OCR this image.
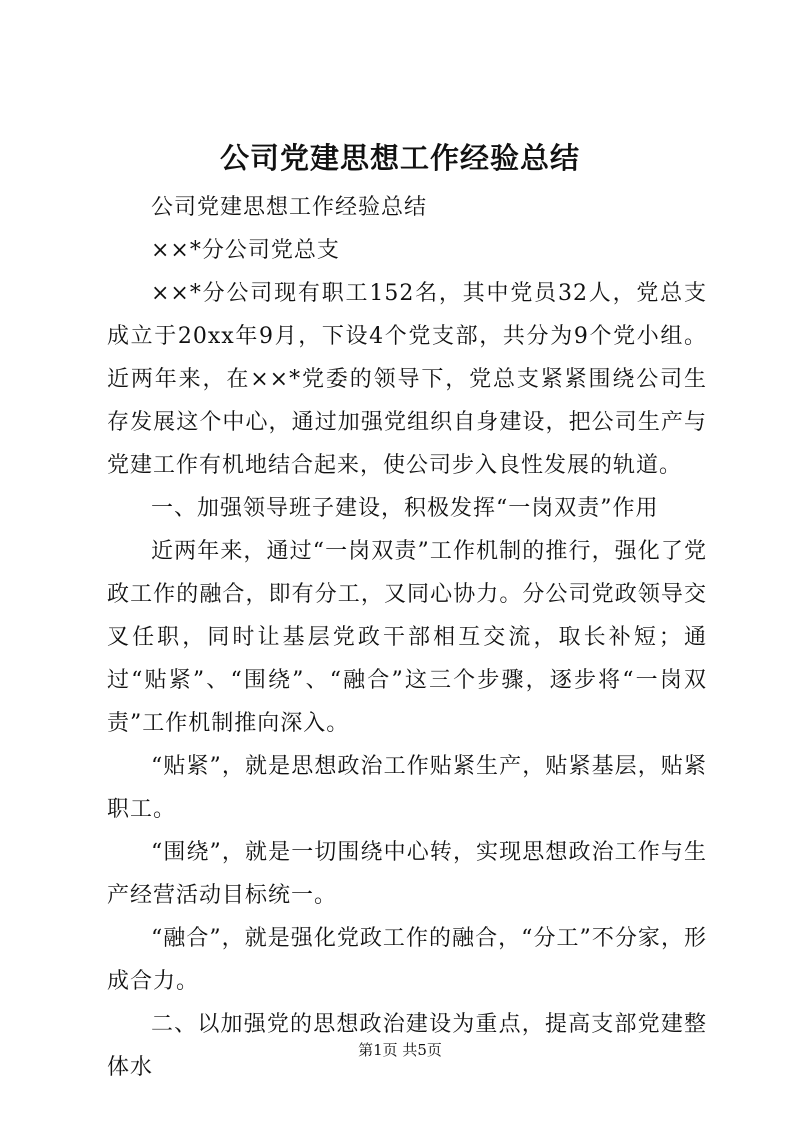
公司党建思想工作经验总结

公司党建思想工作经验总结

××*分公司党总支

××*分公司现有职工152名，其中党员32人，党总支成立于20xx年9月，下设4个党支部，共分为9个党小组。近两年来，在××*党委的领导下，党总支紧紧围绕公司生存发展这个中心，通过加强党组织自身建设，把公司生产与党建工作有机地结合起来，使公司步入良性发展的轨道。

一、加强领导班子建设，积极发挥“一岗双责”作用

近两年来，通过“一岗双责”工作机制的推行，强化了党政工作的融合，即有分工，又同心协力。分公司党政领导交叉任职，同时让基层党政干部相互交流，取长补短；通过“贴紧”、“围绕”、“融合”这三个步骤，逐步将“一岗双责”工作机制推向深入。

“贴紧”，就是思想政治工作贴紧生产，贴紧基层，贴紧职工。

“围绕”，就是一切围绕中心转，实现思想政治工作与生产经营活动目标统一。

“融合”，就是强化党政工作的融合，“分工”不分家，形成合力。

二、以加强党的思想政治建设为重点，提高支部党建整体水

第1页 共5页
